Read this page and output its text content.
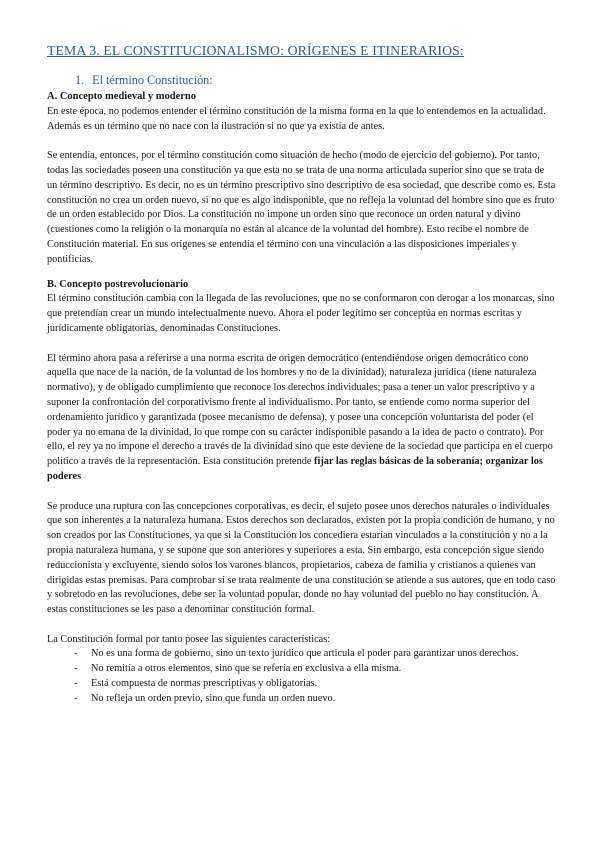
TEMA 3. EL CONSTITUCIONALISMO: ORÍGENES E ITINERARIOS:
1. El término Constitución:
A. Concepto medieval y moderno

En este época, no podemos entender el término constitución de la misma forma en la que lo entendemos en la actualidad. Además es un término que no nace con la ilustración si no que ya existía de antes.

Se entendía, entonces, por el término constitución como situación de hecho (modo de ejercicio del gobierno). Por tanto, todas las sociedades poseen una constitución ya que esta no se trata de una norma articulada superior sino que se trata de un término descriptivo. Es decir, no es un término prescriptivo sino descriptivo de esa sociedad, que describe como es. Esta constitución no crea un orden nuevo, si no que es algo indisponible, que no refleja la voluntad del hombre sino que es fruto de un orden establecido por Dios. La constitución no impone un orden sino que reconoce un orden natural y divino (cuestiones como la religión o la monarquía no están al alcance de la voluntad del hombre). Esto recibe el nombre de Constitución material. En sus orígenes se entendía el término con una vinculación a las disposiciones imperiales y pontificias.

B. Concepto postrevolucionario

El término constitución cambia con la llegada de las revoluciones, que no se conformaron con derogar a los monarcas, sino que pretendían crear un mundo intelectualmente nuevo. Ahora el poder legítimo ser conceptúa en normas escritas y jurídicamente obligatorias, denominadas Constituciones.

El término ahora pasa a referirse a una norma escrita de origen democrático (entendiéndose origen democrático cono aquella que nace de la nación, de la voluntad de los hombres y no de la divinidad), naturaleza jurídica (tiene naturaleza normativo), y de obligado cumplimiento que reconoce los derechos individuales; pasa a tener un valor prescriptivo y a suponer la confrontación del corporativismo frente al individualismo. Por tanto, se entiende como norma superior del ordenamiento jurídico y garantizada (posee mecanismo de defensa), y posee una concepción voluntarista del poder (el poder ya no emana de la divinidad, lo que rompe con su carácter indisponible pasando a la idea de pacto o contrato). Por ello, el rey ya no impone el derecho a través de la divinidad sino que este deviene de la sociedad que participa en el cuerpo político a través de la representación. Esta constitución pretende fijar las reglas básicas de la soberanía; organizar los poderes

Se produce una ruptura con las concepciones corporativas, es decir, el sujeto posee unos derechos naturales o individuales que son inherentes a la naturaleza humana. Estos derechos son declarados, existen por la propia condición de humano, y no son creados por las Constituciones, ya que si la Constitución los concediera estarían vinculados a la constitución y no a la propia naturaleza humana, y se supone que son anteriores y superiores a esta. Sin embargo, esta concepción sigue siendo reduccionista y excluyente, siendo solos los varones blancos, propietarios, cabeza de familia y cristianos a quienes van dirigidas estas premisas. Para comprobar si se trata realmente de una constitución se atiende a sus autores, que en todo caso y sobretodo en las revoluciones, debe ser la voluntad popular, donde no hay voluntad del pueblo no hay constitución. A estas constituciones se les paso a denominar constitución formal.

La Constitución formal por tanto posee las siguientes características:

- No es una forma de gobierno, sino un texto jurídico que articula el poder para garantizar unos derechos.
- No remitía a otros elementos, sino que se refería en exclusiva a ella misma.
- Está compuesta de normas prescriptivas y obligatorias.
- No refleja un orden previo, sino que funda un orden nuevo.
